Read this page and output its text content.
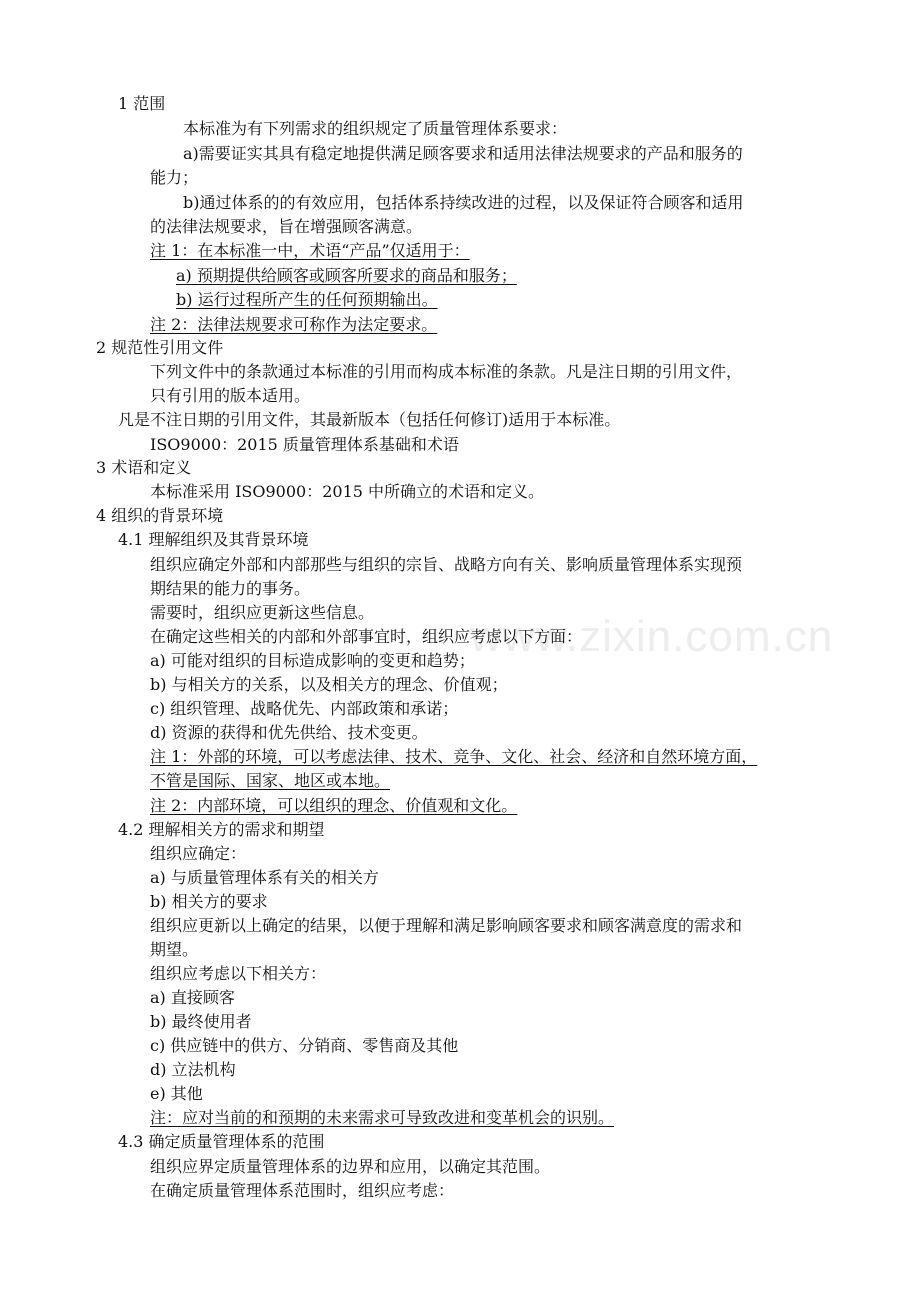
www.zixin.com.cn
1 范围
本标准为有下列需求的组织规定了质量管理体系要求：
a)需要证实其具有稳定地提供满足顾客要求和适用法律法规要求的产品和服务的
能力；
b)通过体系的的有效应用，包括体系持续改进的过程，以及保证符合顾客和适用
的法律法规要求，旨在增强顾客满意。
注 1：在本标准一中，术语“产品”仅适用于：
a) 预期提供给顾客或顾客所要求的商品和服务；
b) 运行过程所产生的任何预期输出。
注 2：法律法规要求可称作为法定要求。
2 规范性引用文件
下列文件中的条款通过本标准的引用而构成本标准的条款。凡是注日期的引用文件，
只有引用的版本适用。
凡是不注日期的引用文件，其最新版本（包括任何修订)适用于本标准。
ISO9000：2015 质量管理体系基础和术语
3 术语和定义
本标准采用 ISO9000：2015 中所确立的术语和定义。
4 组织的背景环境
4.1 理解组织及其背景环境
组织应确定外部和内部那些与组织的宗旨、战略方向有关、影响质量管理体系实现预
期结果的能力的事务。
需要时，组织应更新这些信息。
在确定这些相关的内部和外部事宜时，组织应考虑以下方面：
a) 可能对组织的目标造成影响的变更和趋势；
b) 与相关方的关系，以及相关方的理念、价值观；
c) 组织管理、战略优先、内部政策和承诺；
d) 资源的获得和优先供给、技术变更。
注 1：外部的环境，可以考虑法律、技术、竞争、文化、社会、经济和自然环境方面，
不管是国际、国家、地区或本地。
注 2：内部环境，可以组织的理念、价值观和文化。
4.2 理解相关方的需求和期望
组织应确定：
a) 与质量管理体系有关的相关方
b) 相关方的要求
组织应更新以上确定的结果，以便于理解和满足影响顾客要求和顾客满意度的需求和
期望。
组织应考虑以下相关方：
a) 直接顾客
b) 最终使用者
c) 供应链中的供方、分销商、零售商及其他
d) 立法机构
e) 其他
注：应对当前的和预期的未来需求可导致改进和变革机会的识别。
4.3 确定质量管理体系的范围
组织应界定质量管理体系的边界和应用，以确定其范围。
在确定质量管理体系范围时，组织应考虑：
